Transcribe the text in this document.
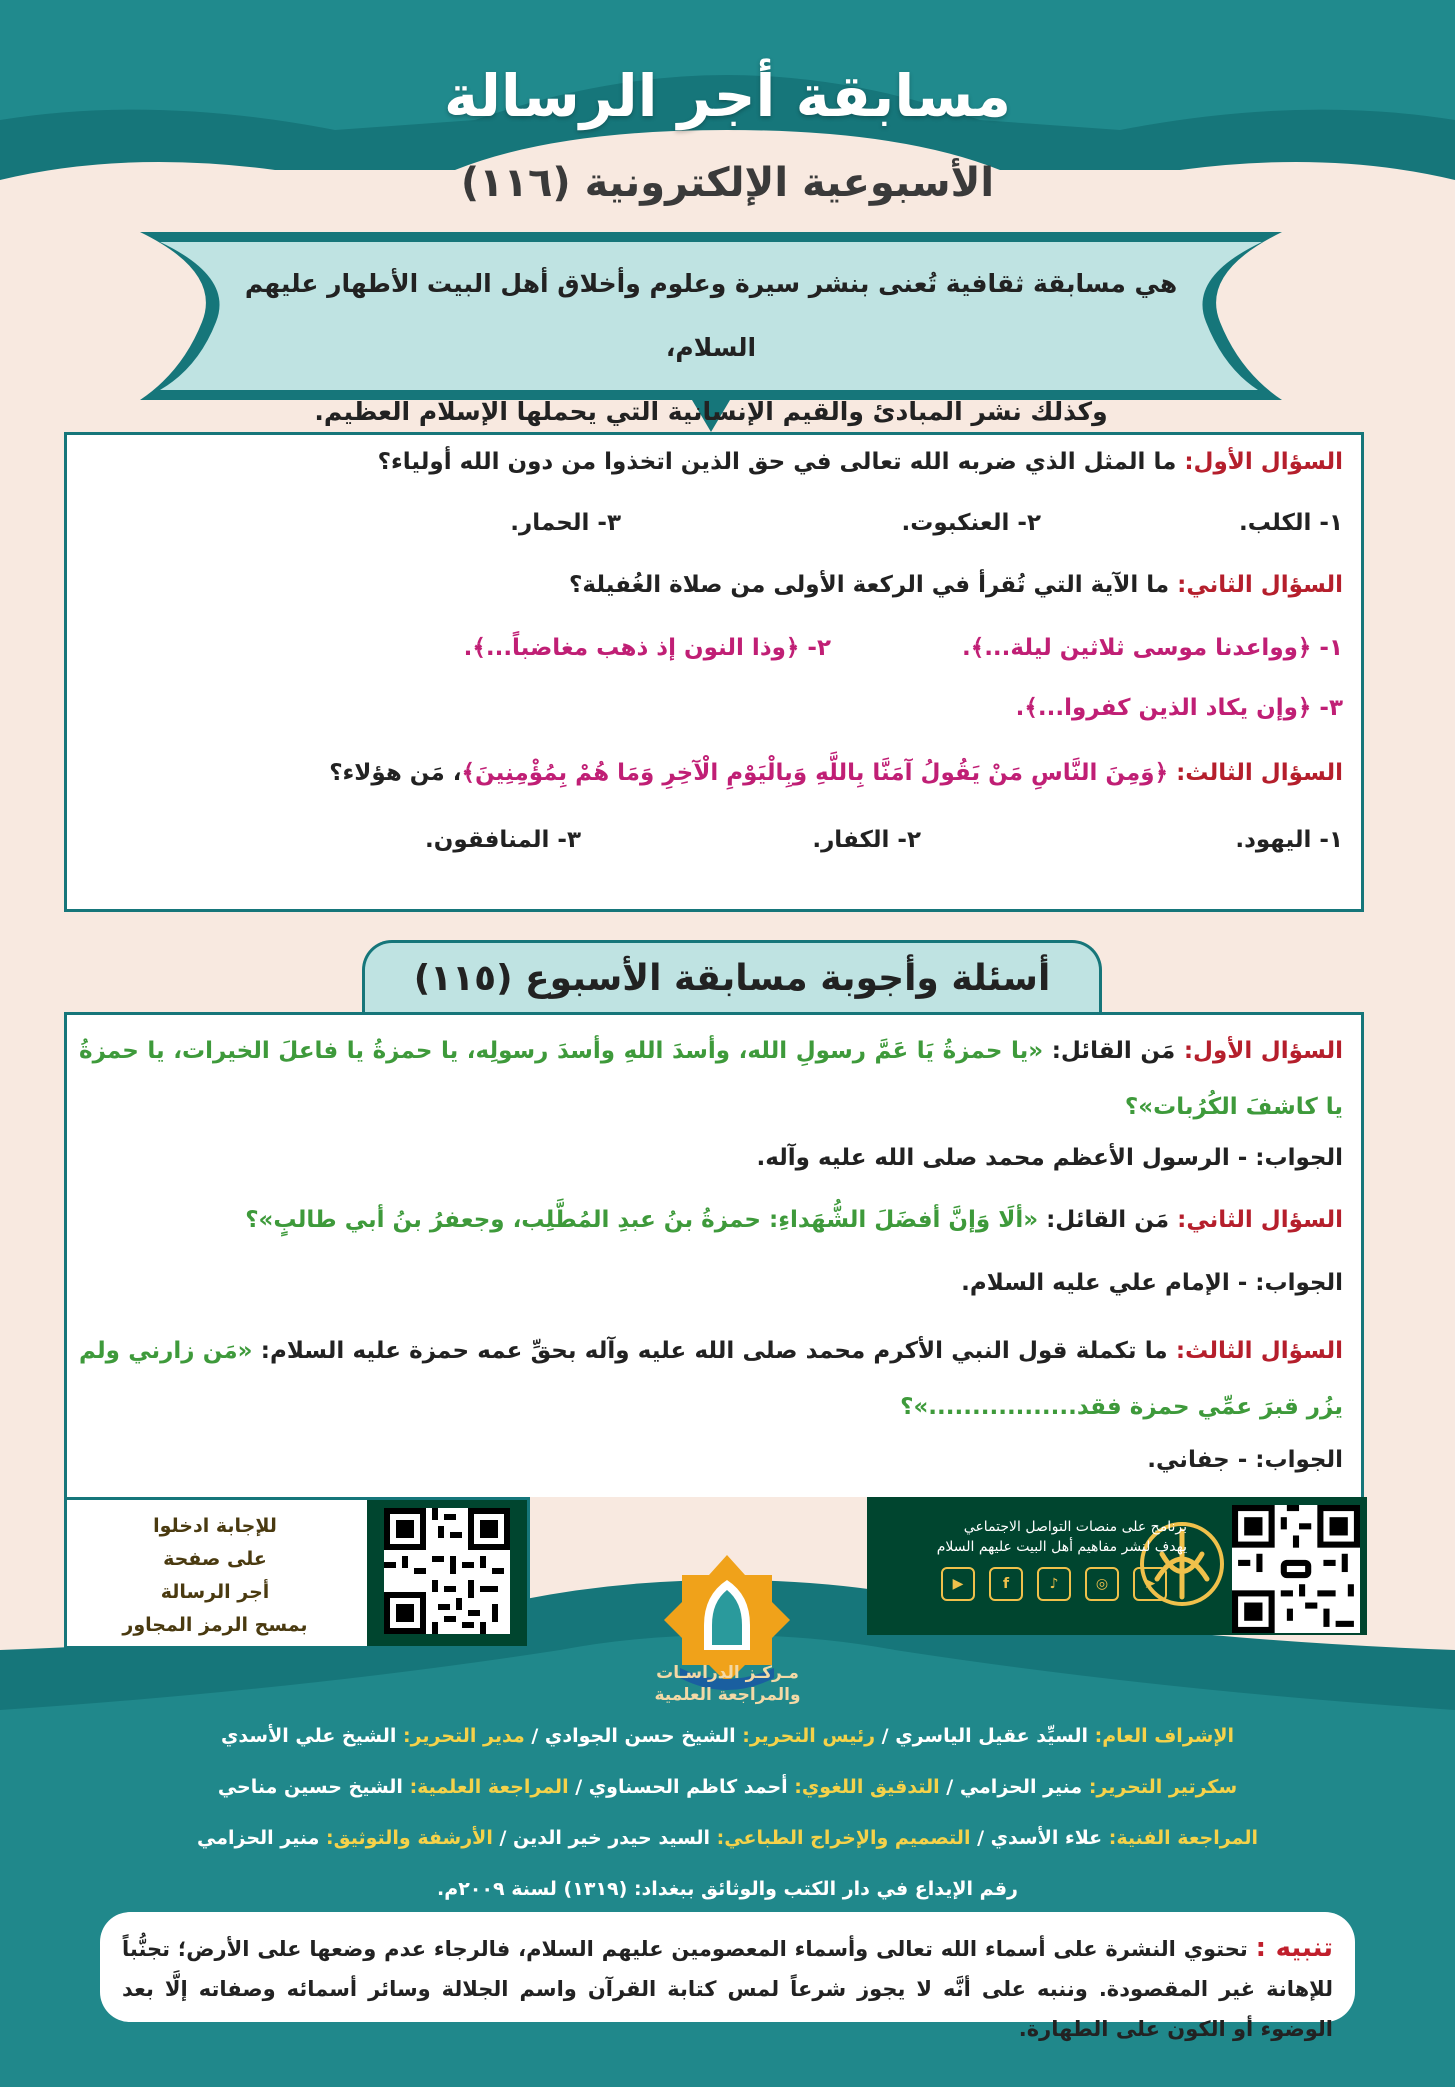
مسابقة أجر الرسالة
الأسبوعية الإلكترونية (١١٦)
هي مسابقة ثقافية تُعنى بنشر سيرة وعلوم وأخلاق أهل البيت الأطهار عليهم السلام،
وكذلك نشر المبادئ والقيم الإنسانية التي يحملها الإسلام العظيم.
السؤال الأول: ما المثل الذي ضربه الله تعالى في حق الذين اتخذوا من دون الله أولياء؟
١- الكلب.
٢- العنكبوت.
٣- الحمار.
السؤال الثاني: ما الآية التي تُقرأ في الركعة الأولى من صلاة الغُفيلة؟
١- ﴿وواعدنا موسى ثلاثين ليلة...﴾.
٢- ﴿وذا النون إذ ذهب مغاضباً...﴾.
٣- ﴿وإن يكاد الذين كفروا...﴾.
السؤال الثالث: ﴿وَمِنَ النَّاسِ مَنْ يَقُولُ آمَنَّا بِاللَّهِ وَبِالْيَوْمِ الْآخِرِ وَمَا هُمْ بِمُؤْمِنِينَ﴾، مَن هؤلاء؟
١- اليهود.
٢- الكفار.
٣- المنافقون.
أسئلة وأجوبة مسابقة الأسبوع (١١٥)
السؤال الأول: مَن القائل: «يا حمزةُ يَا عَمَّ رسولِ الله، وأسدَ اللهِ وأسدَ رسولِه، يا حمزةُ يا فاعلَ الخيرات، يا حمزةُ يا كاشفَ الكُرُبات»؟
الجواب: - الرسول الأعظم محمد صلى الله عليه وآله.
السؤال الثاني: مَن القائل: «ألَا وَإنَّ أفضَلَ الشُّهَداءِ: حمزةُ بنُ عبدِ المُطَّلِب، وجعفرُ بنُ أبي طالبٍ»؟
الجواب: - الإمام علي عليه السلام.
السؤال الثالث: ما تكملة قول النبي الأكرم محمد صلى الله عليه وآله بحقِّ عمه حمزة عليه السلام: «مَن زارني ولم يزُر قبرَ عمِّي حمزة فقد.................»؟
الجواب: - جفاني.
للإجابة ادخلوا
على صفحة
أجر الرسالة
بمسح الرمز المجاور
برنامج على منصات التواصل الاجتماعي
يهدف لنشر مفاهيم أهل البيت عليهم السلام
▶	f	♪	◎	➤
مـركـز الدراسـات
والمراجعة العلمية
الإشراف العام: السيِّد عقيل الياسري / رئيس التحرير: الشيخ حسن الجوادي / مدير التحرير: الشيخ علي الأسدي
سكرتير التحرير: منير الحزامي / التدقيق اللغوي: أحمد كاظم الحسناوي / المراجعة العلمية: الشيخ حسين مناحي
المراجعة الفنية: علاء الأسدي / التصميم والإخراج الطباعي: السيد حيدر خير الدين / الأرشفة والتوثيق: منير الحزامي
رقم الإيداع في دار الكتب والوثائق ببغداد: (١٣١٩) لسنة ٢٠٠٩م.
تنبيه : تحتوي النشرة على أسماء الله تعالى وأسماء المعصومين عليهم السلام، فالرجاء عدم وضعها على الأرض؛ تجنُّباً للإهانة غير المقصودة. وننبه على أنَّه لا يجوز شرعاً لمس كتابة القرآن واسم الجلالة وسائر أسمائه وصفاته إلَّا بعد الوضوء أو الكون على الطهارة.
